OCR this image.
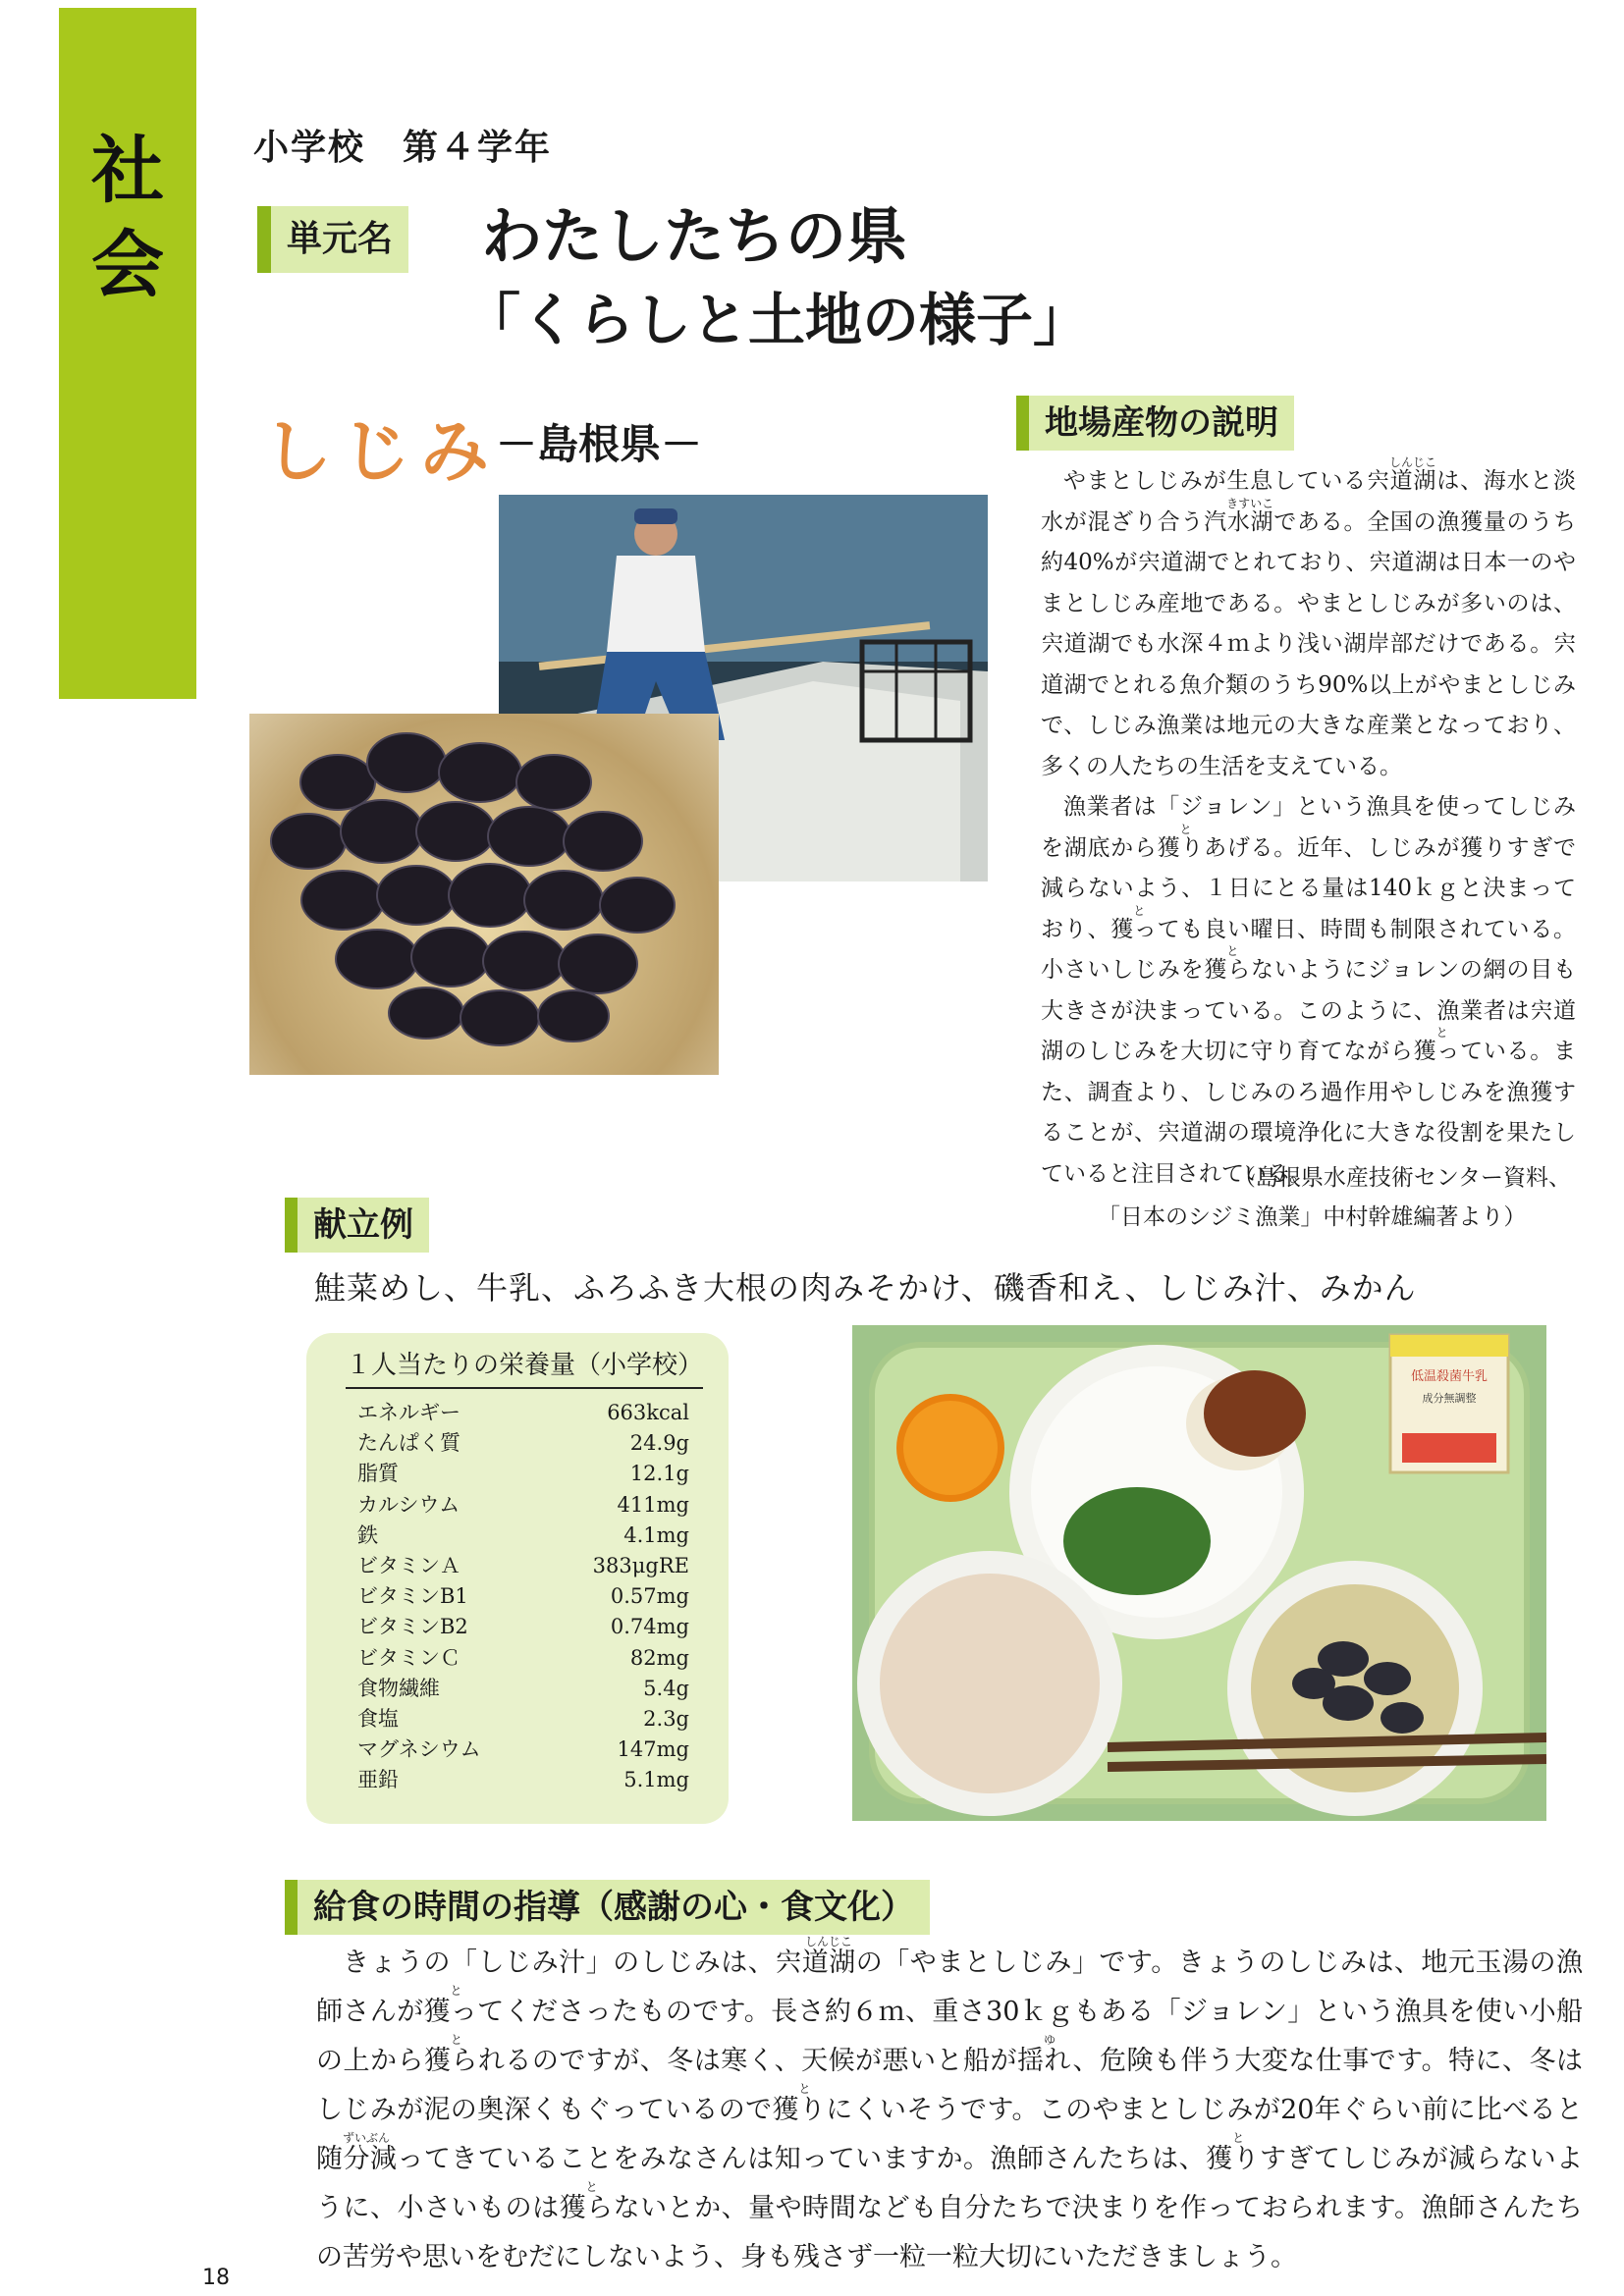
社
会
小学校　第４学年
単元名 わたしたちの県
「くらしと土地の様子」
しじみ
－島根県－	地場産物の説明

やまとしじみが生息している
しんじこ
宍道湖は、海水と淡水が混ざり合う
きすいこ
汽水湖である。全国の漁獲量のうち約40%が宍道湖でとれており、宍道湖は日本一のやまとしじみ産地である。やまとしじみが多いのは、宍道湖でも水深４ｍより浅い湖岸部だけである。宍道湖でとれる魚介類のうち90%以上がやまとしじみで、しじみ漁業は地元の大きな産業となっており、多くの人たちの生活を支えている。

漁業者は「ジョレン」という漁具を使ってしじみを湖底から
と
獲りあげる。近年、しじみが獲りすぎで減らないよう、１日にとる量は140ｋｇと決まっており、
と
獲っても良い曜日、時間も制限されている。小さいしじみを
と
獲らないようにジョレンの網の目も大きさが決まっている。このように、漁業者は宍道湖のしじみを大切に守り育てながら
と
獲っている。また、調査より、しじみのろ過作用やしじみを漁獲することが、宍道湖の環境浄化に大きな役割を果たしていると注目されている。

（島根県水産技術センター資料、
「日本のシジミ漁業」中村幹雄編著より）
献立例
鮭菜めし、牛乳、ふろふき大根の肉みそかけ、磯香和え、しじみ汁、みかん
１人当たりの栄養量（小学校）
エネルギー	663kcal
たんぱく質	24.9g
脂質	12.1g
カルシウム	411mg
鉄	4.1mg
ビタミンＡ	383μgRE
ビタミンB1	0.57mg
ビタミンB2	0.74mg
ビタミンＣ	82mg
食物繊維	5.4g
食塩	2.3g
マグネシウム	147mg
亜鉛	5.1mg
低温殺菌牛乳
成分無調整
給食の時間の指導（感謝の心・食文化）

きょうの「しじみ汁」のしじみは、
しんじこ
宍道湖の「やまとしじみ」です。きょうのしじみは、地元玉湯の漁師さんが
と
獲ってくださったものです。長さ約６ｍ、重さ30ｋｇもある「ジョレン」という漁具を使い小船の上から
と
獲られるのですが、冬は寒く、天候が悪いと船が
ゆ
揺れ、危険も伴う大変な仕事です。特に、冬はしじみが泥の奥深くもぐっているので
と
獲りにくいそうです。このやまとしじみが20年ぐらい前に比べると
ずいぶん
随分減ってきていることをみなさんは知っていますか。漁師さんたちは、
と
獲りすぎてしじみが減らないように、小さいものは
と
獲らないとか、量や時間なども自分たちで決まりを作っておられます。漁師さんたちの苦労や思いをむだにしないよう、身も残さず一粒一粒大切にいただきましょう。

18
